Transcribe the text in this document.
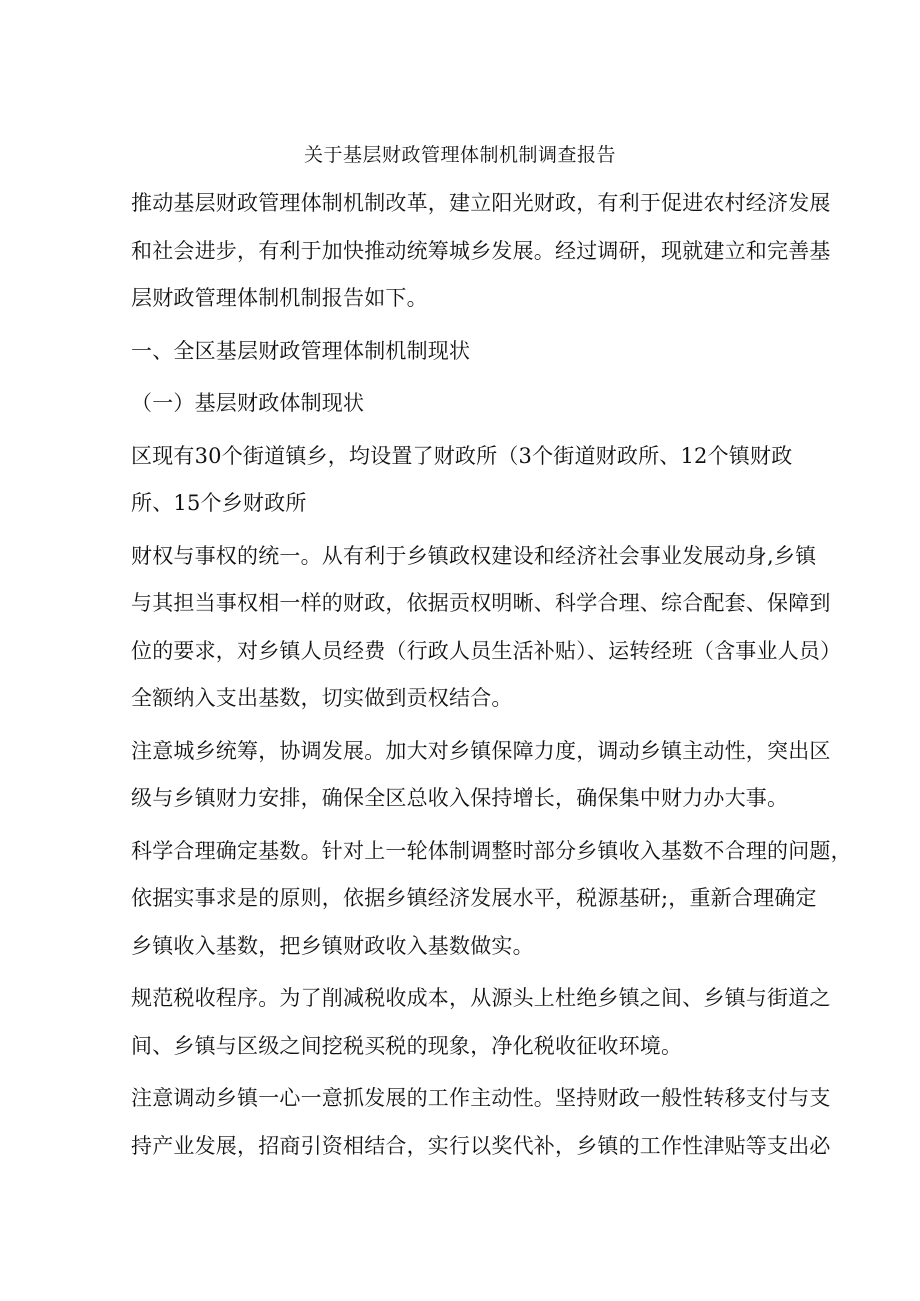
关于基层财政管理体制机制调查报告

推动基层财政管理体制机制改革，建立阳光财政，有利于促进农村经济发展
和社会进步，有利于加快推动统筹城乡发展。经过调研，现就建立和完善基
层财政管理体制机制报告如下。

一、全区基层财政管理体制机制现状

（一）基层财政体制现状

区现有30个街道镇乡，均设置了财政所（3个街道财政所、12个镇财政
所、15个乡财政所

财权与事权的统一。从有利于乡镇政权建设和经济社会事业发展动身,乡镇
与其担当事权相一样的财政，依据贡权明晰、科学合理、综合配套、保障到
位的要求，对乡镇人员经费（行政人员生活补贴）、运转经班（含事业人员）
全额纳入支出基数，切实做到贡权结合。

注意城乡统筹，协调发展。加大对乡镇保障力度，调动乡镇主动性，突出区
级与乡镇财力安排，确保全区总收入保持增长，确保集中财力办大事。

科学合理确定基数。针对上一轮体制调整时部分乡镇收入基数不合理的问题，
依据实事求是的原则，依据乡镇经济发展水平，税源基研;，重新合理确定
乡镇收入基数，把乡镇财政收入基数做实。

规范税收程序。为了削减税收成本，从源头上杜绝乡镇之间、乡镇与街道之
间、乡镇与区级之间挖税买税的现象，净化税收征收环境。

注意调动乡镇一心一意抓发展的工作主动性。坚持财政一般性转移支付与支
持产业发展，招商引资相结合，实行以奖代补，乡镇的工作性津贴等支出必
